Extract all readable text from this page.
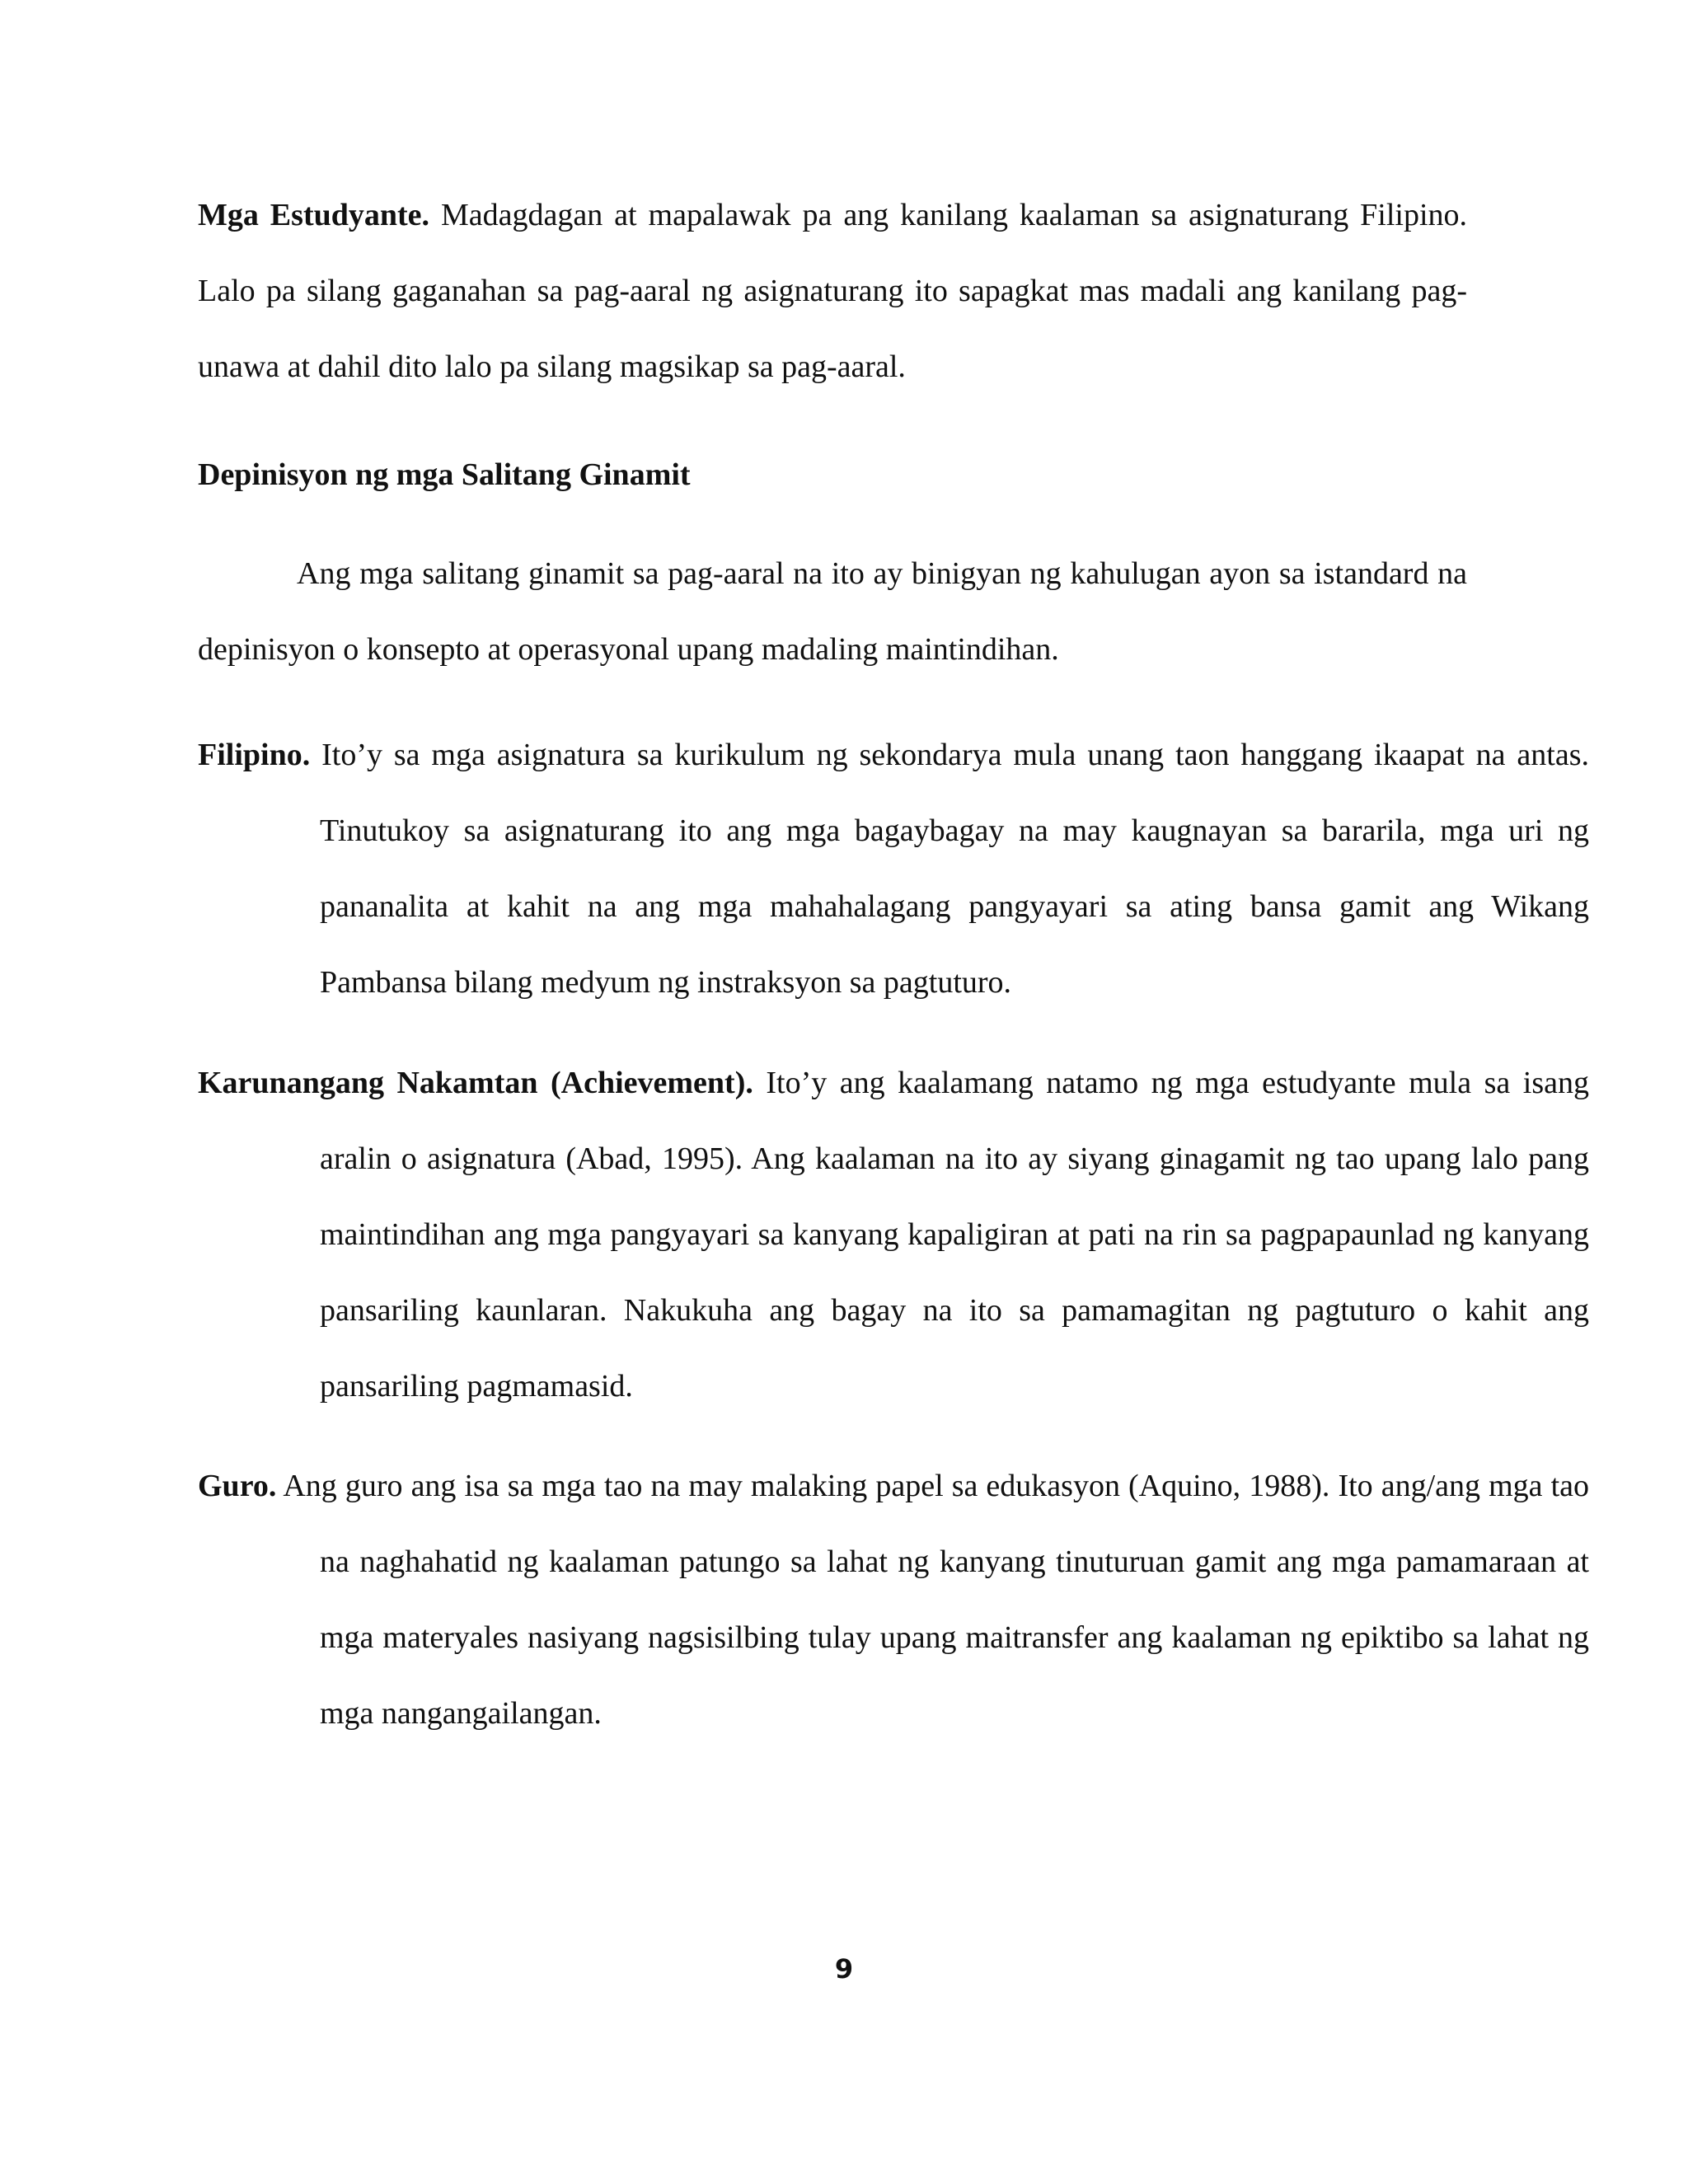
Mga Estudyante. Madagdagan at mapalawak pa ang kanilang kaalaman sa asignaturang Filipino. Lalo pa silang gaganahan sa pag-aaral ng asignaturang ito sapagkat mas madali ang kanilang pag-unawa at dahil dito lalo pa silang magsikap sa pag-aaral.

Depinisyon ng mga Salitang Ginamit

Ang mga salitang ginamit sa pag-aaral na ito ay binigyan ng kahulugan ayon sa istandard na depinisyon o konsepto at operasyonal upang madaling maintindihan.

Filipino. Ito’y sa mga asignatura sa kurikulum ng sekondarya mula unang taon hanggang ikaapat na antas. Tinutukoy sa asignaturang ito ang mga bagaybagay na may kaugnayan sa bararila, mga uri ng pananalita at kahit na ang mga mahahalagang pangyayari sa ating bansa gamit ang Wikang Pambansa bilang medyum ng instraksyon sa pagtuturo.

Karunangang Nakamtan (Achievement). Ito’y ang kaalamang natamo ng mga estudyante mula sa isang aralin o asignatura (Abad, 1995). Ang kaalaman na ito ay siyang ginagamit ng tao upang lalo pang maintindihan ang mga pangyayari sa kanyang kapaligiran at pati na rin sa pagpapaunlad ng kanyang pansariling kaunlaran. Nakukuha ang bagay na ito sa pamamagitan ng pagtuturo o kahit ang pansariling pagmamasid.

Guro. Ang guro ang isa sa mga tao na may malaking papel sa edukasyon (Aquino, 1988). Ito ang/ang mga tao na naghahatid ng kaalaman patungo sa lahat ng kanyang tinuturuan gamit ang mga pamamaraan at mga materyales nasiyang nagsisilbing tulay upang maitransfer ang kaalaman ng epiktibo sa lahat ng mga nangangailangan.

9
